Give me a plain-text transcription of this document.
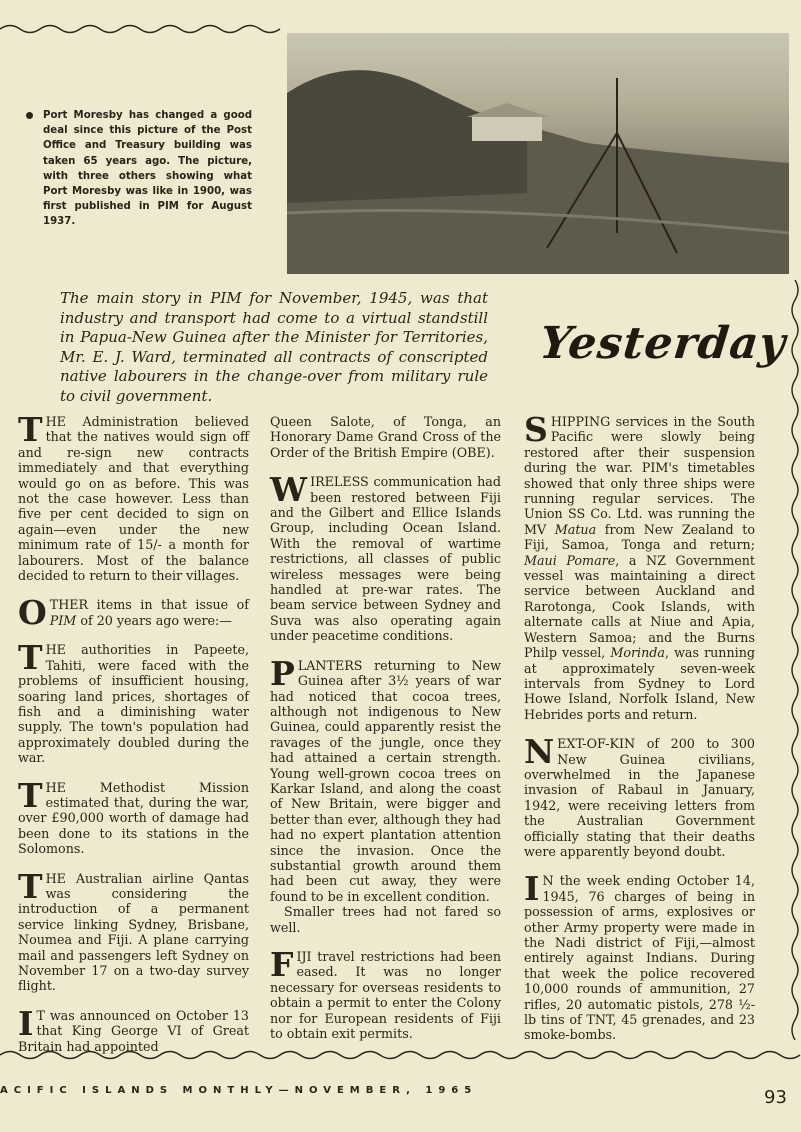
Port Moresby has changed a good deal since this picture of the Post Office and Treasury building was taken 65 years ago. The picture, with three others showing what Port Moresby was like in 1900, was first published in PIM for August 1937.
The main story in PIM for November, 1945, was that industry and transport had come to a virtual standstill in Papua-New Guinea after the Minister for Territories, Mr. E. J. Ward, terminated all contracts of conscripted native labourers in the change-over from military rule to civil government.
Yesterday

THE Administration believed that the natives would sign off and re-sign new contracts immediately and that everything would go on as before. This was not the case however. Less than five per cent decided to sign on again—even under the new minimum rate of 15/- a month for labourers. Most of the balance decided to return to their villages.

OTHER items in that issue of PIM of 20 years ago were:—

THE authorities in Papeete, Tahiti, were faced with the problems of insufficient housing, soaring land prices, shortages of fish and a diminishing water supply. The town's population had approximately doubled during the war.

THE Methodist Mission estimated that, during the war, over £90,000 worth of damage had been done to its stations in the Solomons.

THE Australian airline Qantas was considering the introduction of a permanent service linking Sydney, Brisbane, Noumea and Fiji. A plane carrying mail and passengers left Sydney on November 17 on a two-day survey flight.

I T was announced on October 13 that King George VI of Great Britain had appointed

Queen Salote, of Tonga, an Honorary Dame Grand Cross of the Order of the British Empire (OBE).

WIRELESS communication had been restored between Fiji and the Gilbert and Ellice Islands Group, including Ocean Island. With the removal of wartime restrictions, all classes of public wireless messages were being handled at pre-war rates. The beam service between Sydney and Suva was also operating again under peacetime conditions.

PLANTERS returning to New Guinea after 3½ years of war had noticed that cocoa trees, although not indigenous to New Guinea, could apparently resist the ravages of the jungle, once they had attained a certain strength. Young well-grown cocoa trees on Karkar Island, and along the coast of New Britain, were bigger and better than ever, although they had had no expert plantation attention since the invasion. Once the substantial growth around them had been cut away, they were found to be in excellent condition.

Smaller trees had not fared so well.

FIJI travel restrictions had been eased. It was no longer necessary for overseas residents to obtain a permit to enter the Colony nor for European residents of Fiji to obtain exit permits.

SHIPPING services in the South Pacific were slowly being restored after their suspension during the war. PIM's timetables showed that only three ships were running regular services. The Union SS Co. Ltd. was running the MV Matua from New Zealand to Fiji, Samoa, Tonga and return; Maui Pomare, a NZ Government vessel was maintaining a direct service between Auckland and Rarotonga, Cook Islands, with alternate calls at Niue and Apia, Western Samoa; and the Burns Philp vessel, Morinda, was running at approximately seven-week intervals from Sydney to Lord Howe Island, Norfolk Island, New Hebrides ports and return.

NEXT-OF-KIN of 200 to 300 New Guinea civilians, overwhelmed in the Japanese invasion of Rabaul in January, 1942, were receiving letters from the Australian Government officially stating that their deaths were apparently beyond doubt.

I N the week ending October 14, 1945, 76 charges of being in possession of arms, explosives or other Army property were made in the Nadi district of Fiji,—almost entirely against Indians. During that week the police recovered 10,000 rounds of ammunition, 27 rifles, 20 automatic pistols, 278 ½-lb tins of TNT, 45 grenades, and 23 smoke-bombs.

ACIFIC ISLANDS MONTHLY—NOVEMBER, 1965	93
